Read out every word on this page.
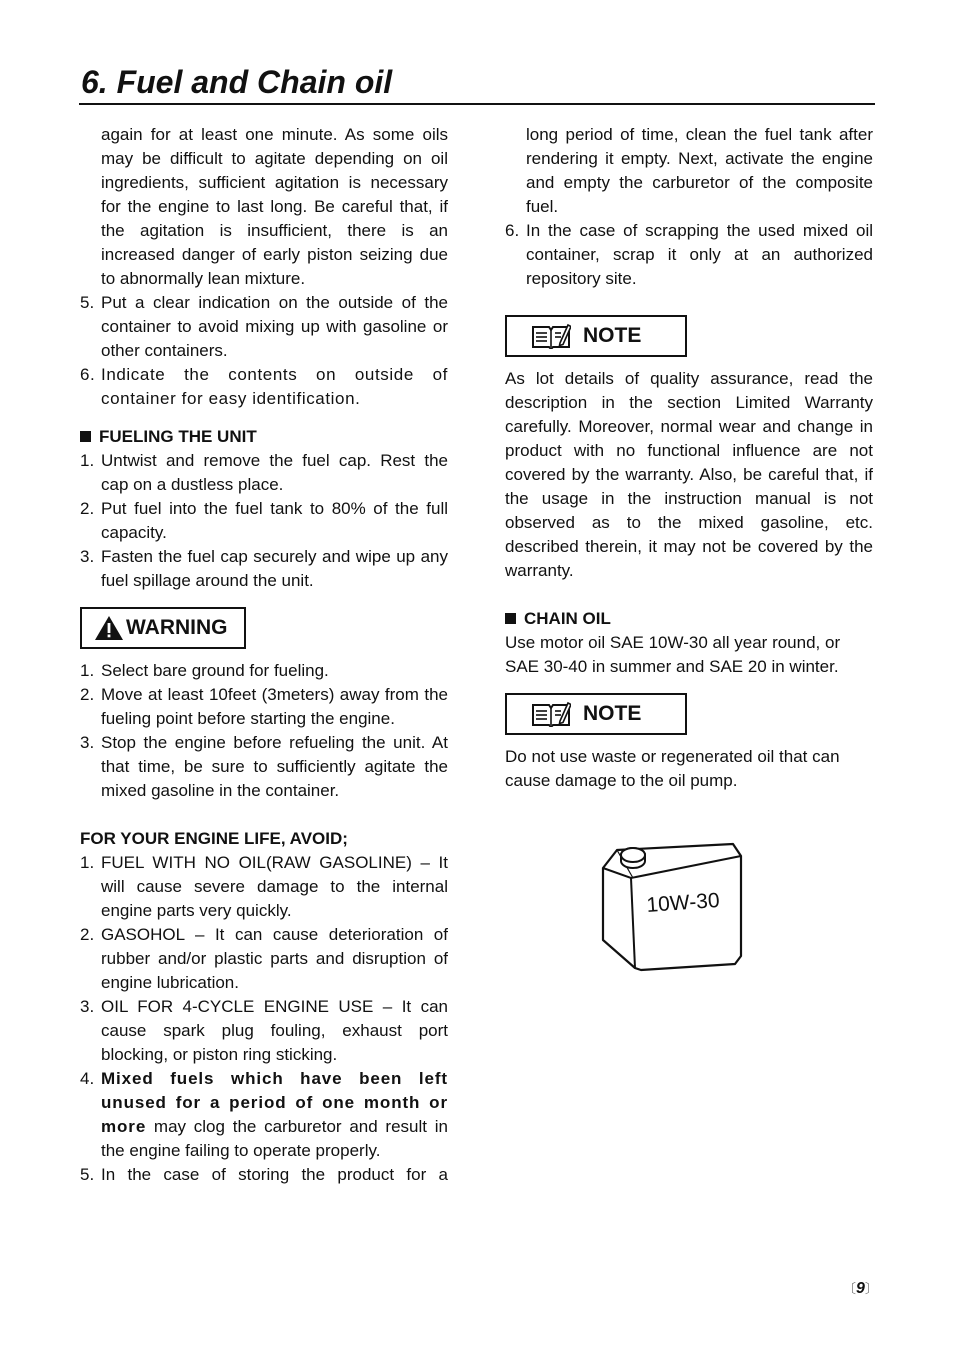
6. Fuel and Chain oil

again for at least one minute. As some oils may be difficult to agitate depending on oil ingredients, sufficient agitation is necessary for the engine to last long. Be careful that, if the agitation is insufficient, there is an increased danger of early piston seizing due to abnormally lean mixture.

5. Put a clear indication on the outside of the container to avoid mixing up with gasoline or other containers.
6. Indicate the contents on outside of container for easy identification.
FUELING THE UNIT
1. Untwist and remove the fuel cap. Rest the cap on a dustless place.
2. Put fuel into the fuel tank to 80% of the full capacity.
3. Fasten the fuel cap securely and wipe up any fuel spillage around the unit.
WARNING
1. Select bare ground for fueling.
2. Move at least 10feet (3meters) away from the fueling point before starting the engine.
3. Stop the engine before refueling the unit. At that time, be sure to sufficiently agitate the mixed gasoline in the container.
FOR YOUR ENGINE LIFE, AVOID;
1. FUEL WITH NO OIL(RAW GASOLINE) – It will cause severe damage to the internal engine parts very quickly.
2. GASOHOL – It can cause deterioration of rubber and/or plastic parts and disruption of engine lubrication.
3. OIL FOR 4-CYCLE ENGINE USE – It can cause spark plug fouling, exhaust port blocking, or piston ring sticking.
4. Mixed fuels which have been left unused for a period of one month or more may clog the carburetor and result in the engine failing to operate properly.
5. In the case of storing the product for a

long period of time, clean the fuel tank after rendering it empty. Next, activate the engine and empty the carburetor of the composite fuel.

6. In the case of scrapping the used mixed oil container, scrap it only at an authorized repository site.
NOTE

As lot details of quality assurance, read the description in the section Limited Warranty carefully. Moreover, normal wear and change in product with no functional influence are not covered by the warranty. Also, be careful that, if the usage in the instruction manual is not observed as to the mixed gasoline, etc. described therein, it may not be covered by the warranty.

CHAIN OIL

Use motor oil SAE 10W-30 all year round, or SAE 30-40 in summer and SAE 20 in winter.

NOTE

Do not use waste or regenerated oil that can cause damage to the oil pump.

10W-30
〔9〕
